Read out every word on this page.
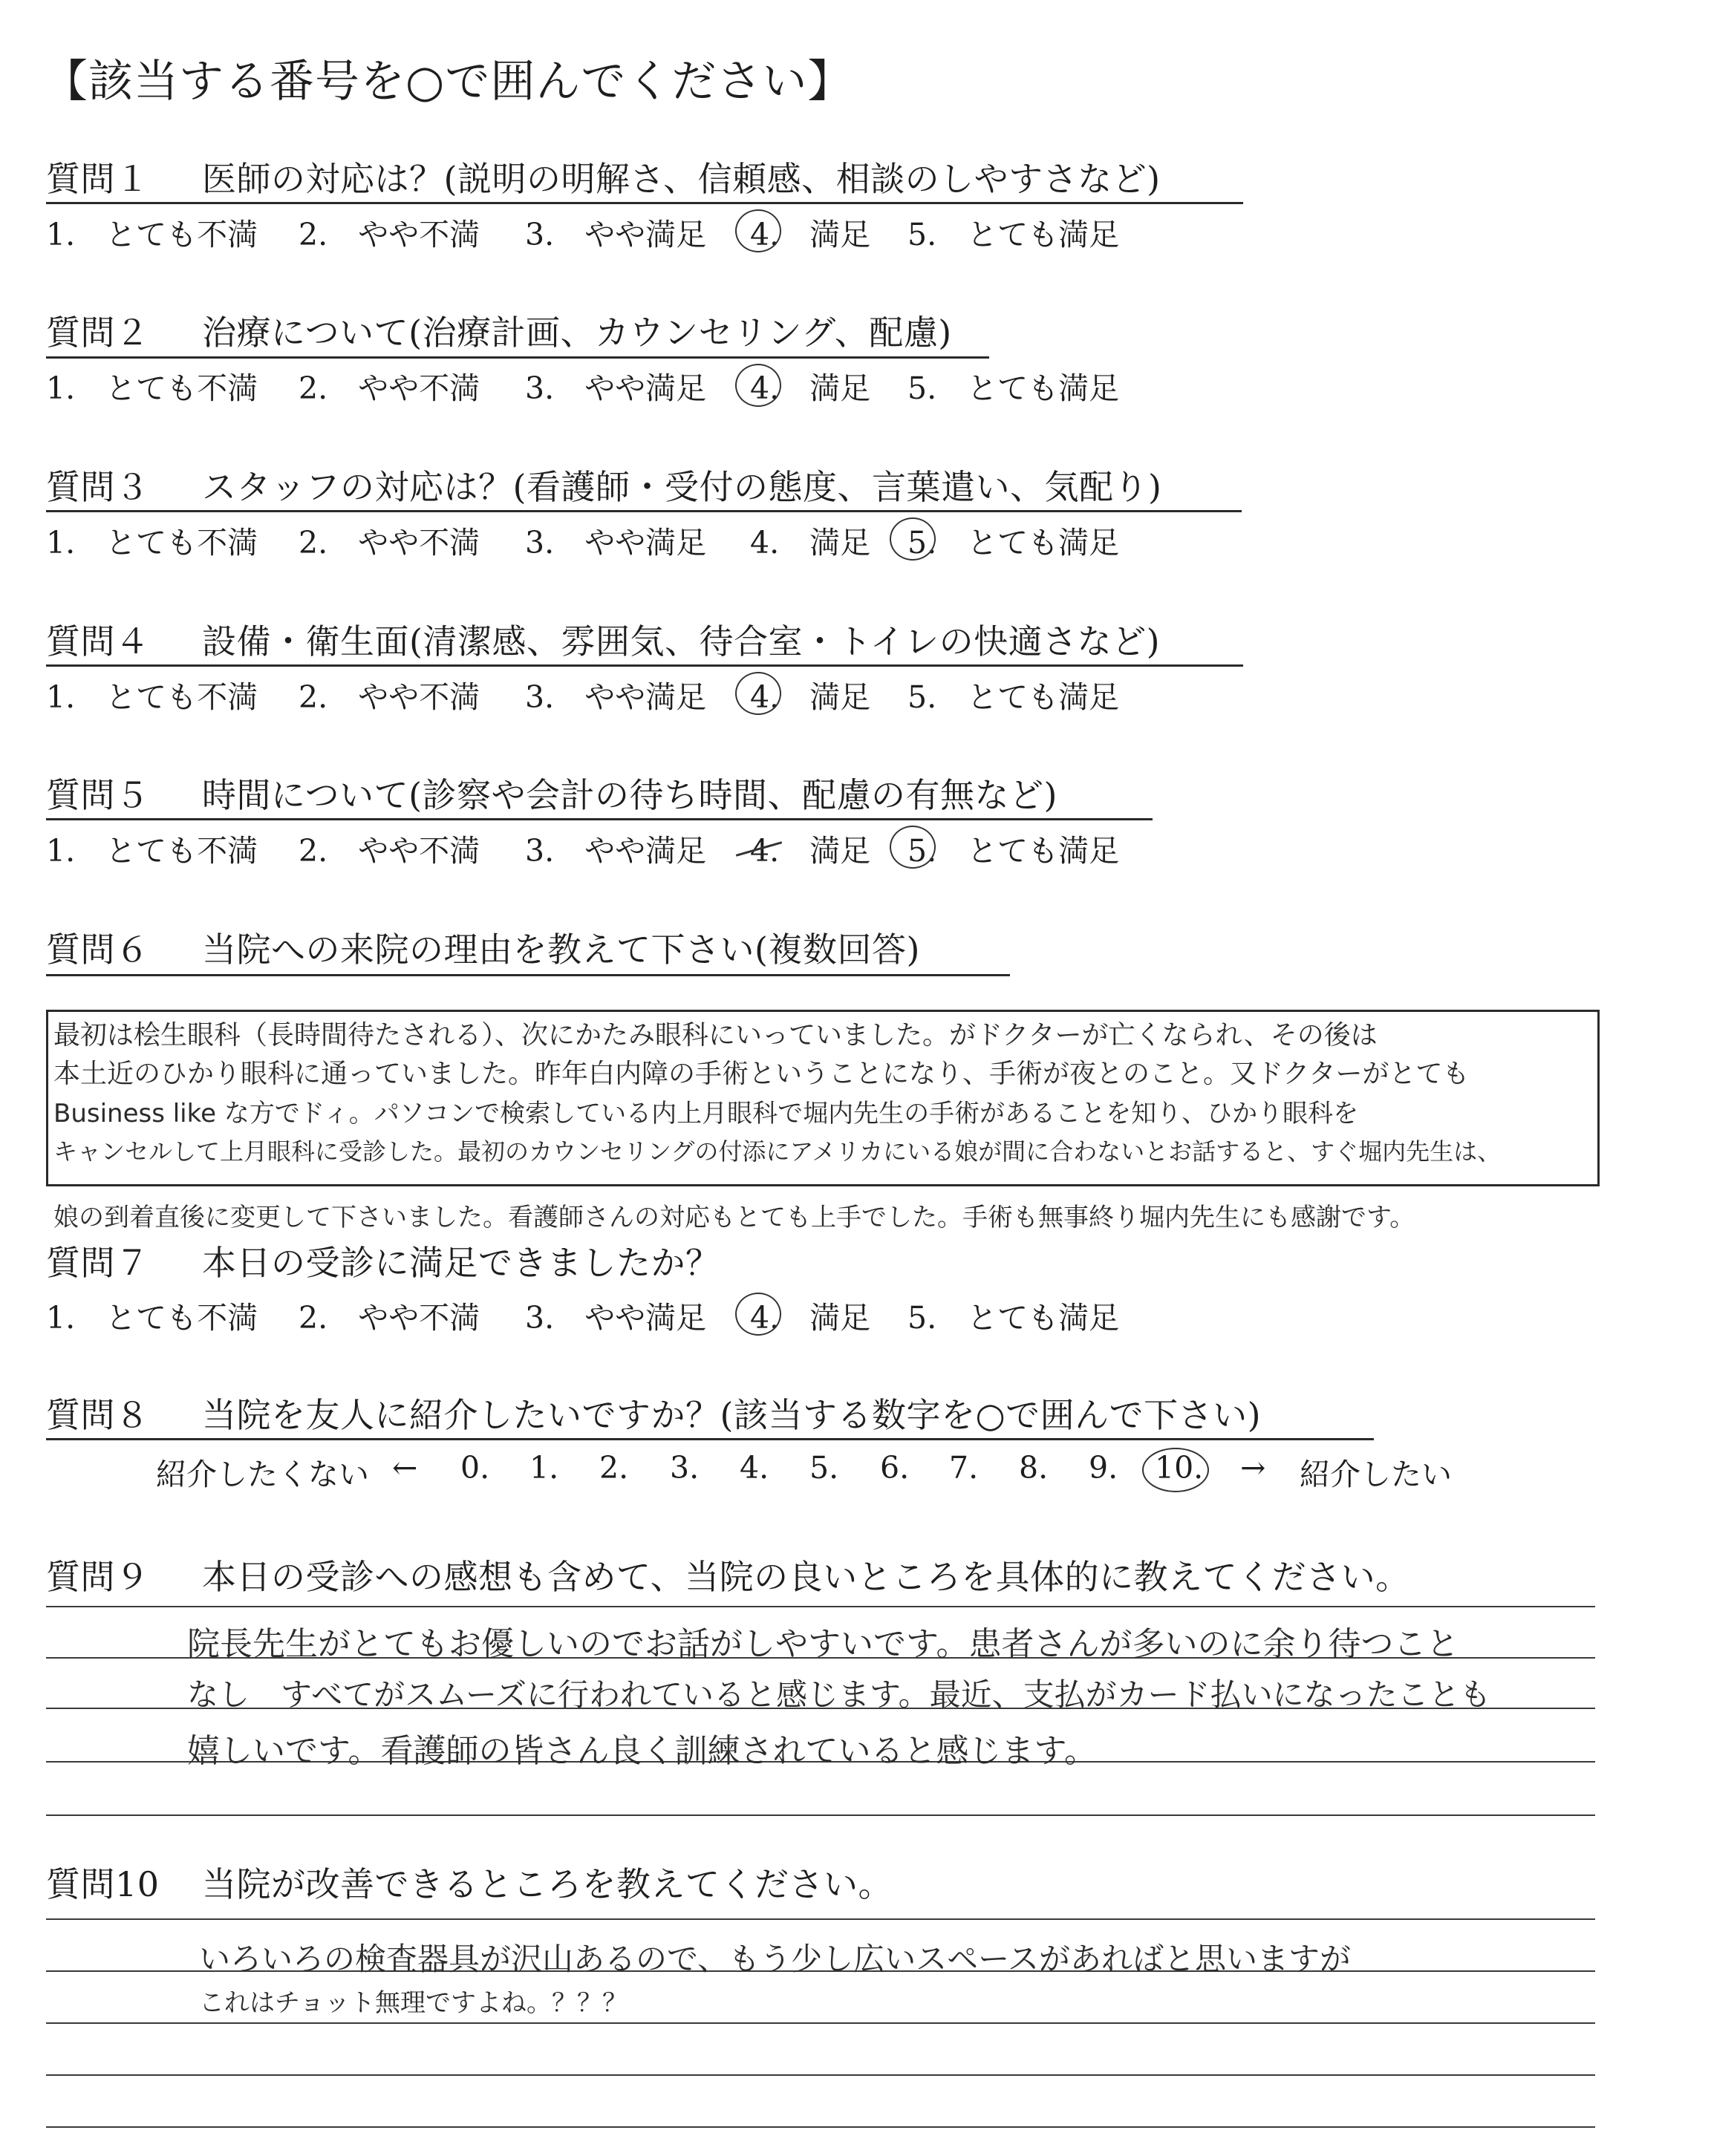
【該当する番号を○で囲んでください】
質問１ 医師の対応は？(説明の明解さ、信頼感、相談のしやすさなど)
1.　とても不満 2.　やや不満 3.　やや満足 4.　満足 5.　とても満足
質問２ 治療について(治療計画、カウンセリング、配慮)
1.　とても不満 2.　やや不満 3.　やや満足 4.　満足 5.　とても満足
質問３ スタッフの対応は？(看護師・受付の態度、言葉遣い、気配り)
1.　とても不満 2.　やや不満 3.　やや満足 4.　満足 5.　とても満足
質問４ 設備・衛生面(清潔感、雰囲気、待合室・トイレの快適さなど)
1.　とても不満 2.　やや不満 3.　やや満足 4.　満足 5.　とても満足
質問５ 時間について(診察や会計の待ち時間、配慮の有無など)
1.　とても不満 2.　やや不満 3.　やや満足 4.　満足 5.　とても満足
質問６ 当院への来院の理由を教えて下さい(複数回答)
最初は桧生眼科（長時間待たされる）、次にかたみ眼科にいっていました。がドクターが亡くなられ、その後は
本土近のひかり眼科に通っていました。昨年白内障の手術ということになり、手術が夜とのこと。又ドクターがとても
Business like な方でドィ。パソコンで検索している内上月眼科で堀内先生の手術があることを知り、ひかり眼科を
キャンセルして上月眼科に受診した。最初のカウンセリングの付添にアメリカにいる娘が間に合わないとお話すると、すぐ堀内先生は、
娘の到着直後に変更して下さいました。看護師さんの対応もとても上手でした。手術も無事終り堀内先生にも感謝です。
質問７ 本日の受診に満足できましたか？
1.　とても不満 2.　やや不満 3.　やや満足 4.　満足 5.　とても満足
質問８ 当院を友人に紹介したいですか？(該当する数字を○で囲んで下さい)
紹介したくない ← 0. 1. 2. 3. 4. 5. 6. 7. 8. 9. 10. → 紹介したい
質問９ 本日の受診への感想も含めて、当院の良いところを具体的に教えてください。
院長先生がとてもお優しいのでお話がしやすいです。患者さんが多いのに余り待つこと
なし　すべてがスムーズに行われていると感じます。最近、支払がカード払いになったことも
嬉しいです。看護師の皆さん良く訓練されていると感じます。
質問10 当院が改善できるところを教えてください。
いろいろの検査器具が沢山あるので、もう少し広いスペースがあればと思いますが
これはチョット無理ですよね。？？？
